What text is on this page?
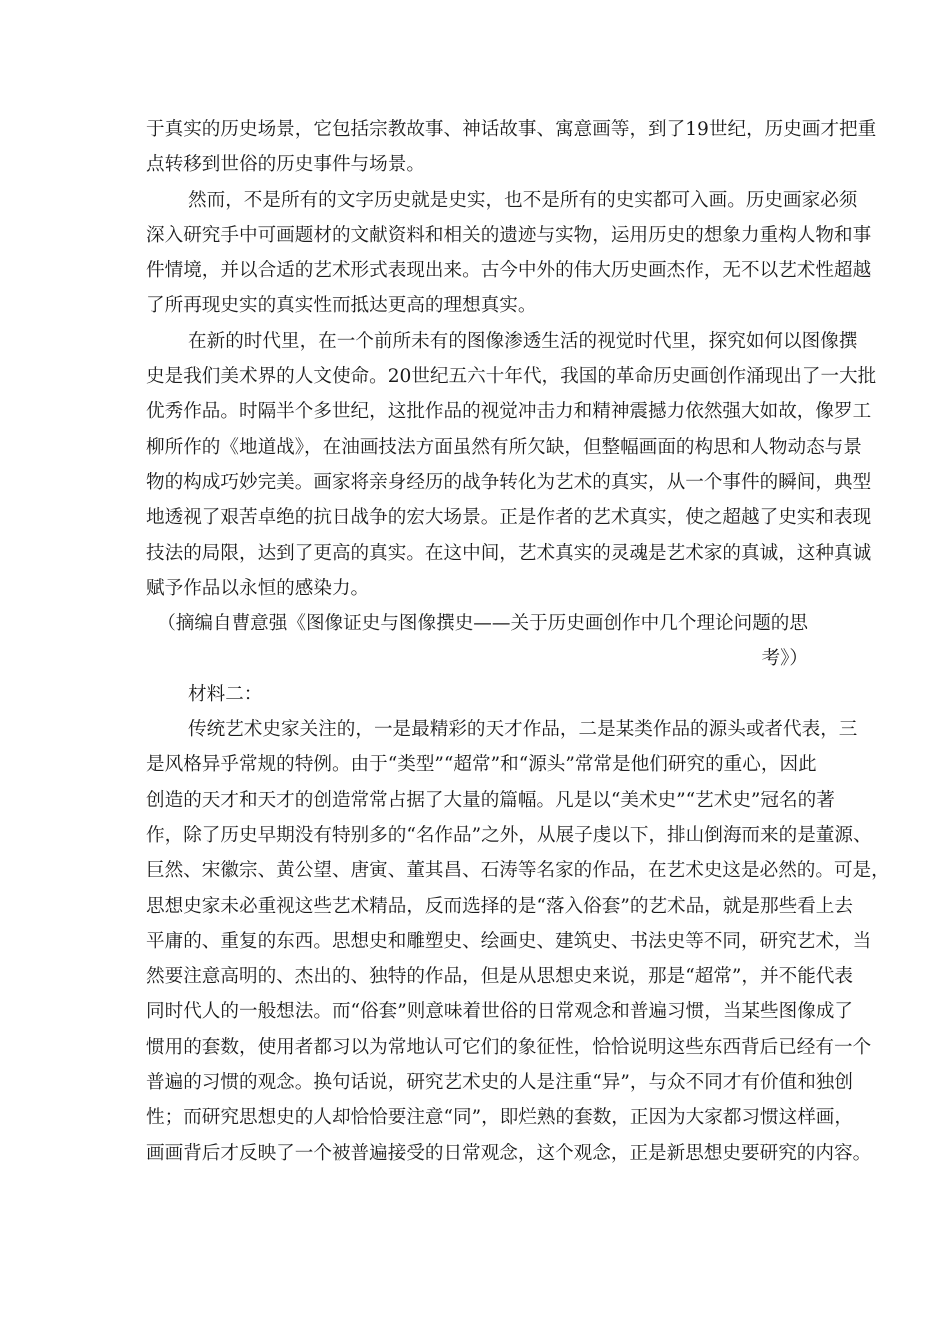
于真实的历史场景，它包括宗教故事、神话故事、寓意画等，到了19世纪，历史画才把重
点转移到世俗的历史事件与场景。
然而，不是所有的文字历史就是史实，也不是所有的史实都可入画。历史画家必须
深入研究手中可画题材的文献资料和相关的遗迹与实物，运用历史的想象力重构人物和事
件情境，并以合适的艺术形式表现出来。古今中外的伟大历史画杰作，无不以艺术性超越
了所再现史实的真实性而抵达更高的理想真实。
在新的时代里，在一个前所未有的图像渗透生活的视觉时代里，探究如何以图像撰
史是我们美术界的人文使命。20世纪五六十年代，我国的革命历史画创作涌现出了一大批
优秀作品。时隔半个多世纪，这批作品的视觉冲击力和精神震撼力依然强大如故，像罗工
柳所作的《地道战》，在油画技法方面虽然有所欠缺，但整幅画面的构思和人物动态与景
物的构成巧妙完美。画家将亲身经历的战争转化为艺术的真实，从一个事件的瞬间，典型
地透视了艰苦卓绝的抗日战争的宏大场景。正是作者的艺术真实，使之超越了史实和表现
技法的局限，达到了更高的真实。在这中间，艺术真实的灵魂是艺术家的真诚，这种真诚
赋予作品以永恒的感染力。
（摘编自曹意强《图像证史与图像撰史——关于历史画创作中几个理论问题的思
考》）
材料二：
传统艺术史家关注的，一是最精彩的天才作品，二是某类作品的源头或者代表，三
是风格异乎常规的特例。由于“类型”“超常”和“源头”常常是他们研究的重心，因此
创造的天才和天才的创造常常占据了大量的篇幅。凡是以“美术史”“艺术史”冠名的著
作，除了历史早期没有特别多的“名作品”之外，从展子虔以下，排山倒海而来的是董源、
巨然、宋徽宗、黄公望、唐寅、董其昌、石涛等名家的作品，在艺术史这是必然的。可是，
思想史家未必重视这些艺术精品，反而选择的是“落入俗套”的艺术品，就是那些看上去
平庸的、重复的东西。思想史和雕塑史、绘画史、建筑史、书法史等不同，研究艺术，当
然要注意高明的、杰出的、独特的作品，但是从思想史来说，那是“超常”，并不能代表
同时代人的一般想法。而“俗套”则意味着世俗的日常观念和普遍习惯，当某些图像成了
惯用的套数，使用者都习以为常地认可它们的象征性，恰恰说明这些东西背后已经有一个
普遍的习惯的观念。换句话说，研究艺术史的人是注重“异”，与众不同才有价值和独创
性；而研究思想史的人却恰恰要注意“同”，即烂熟的套数，正因为大家都习惯这样画，
画画背后才反映了一个被普遍接受的日常观念，这个观念，正是新思想史要研究的内容。
